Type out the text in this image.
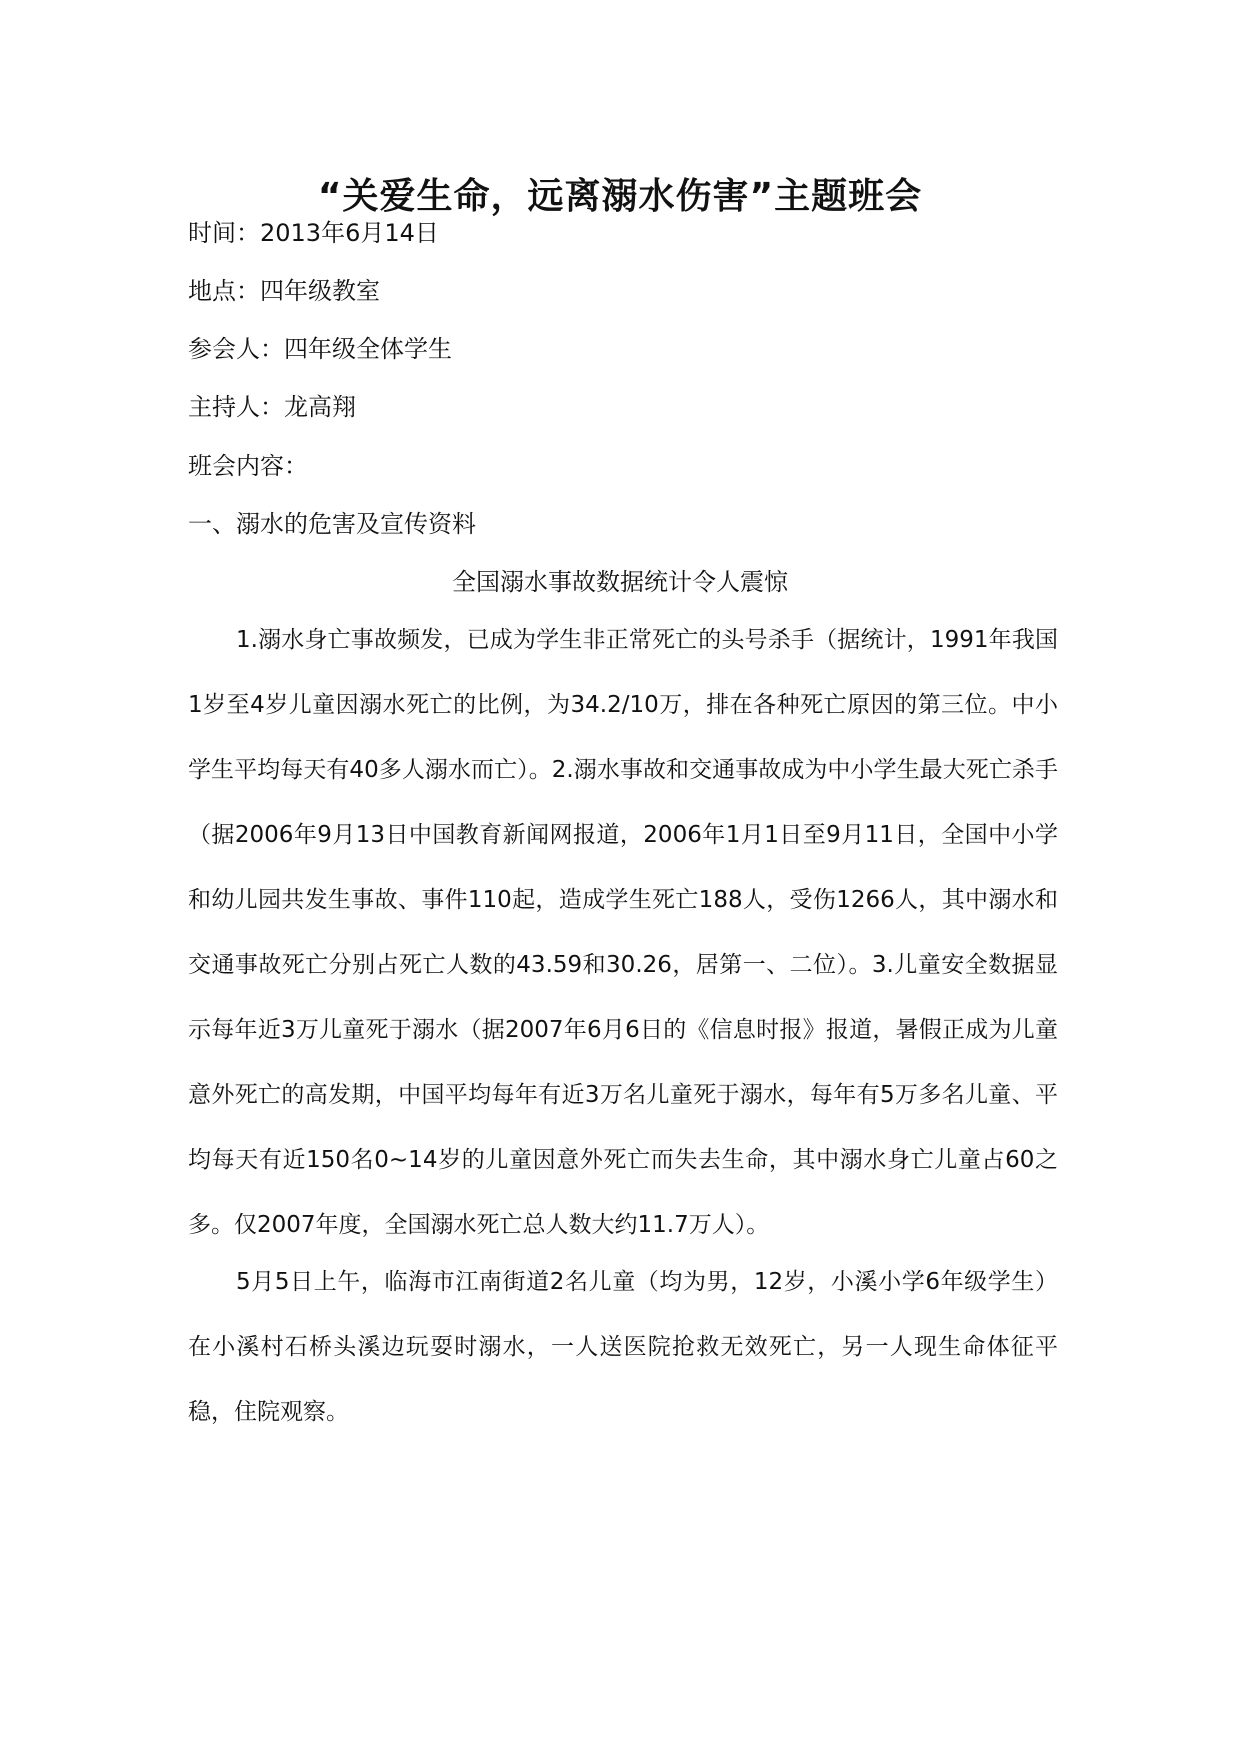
“关爱生命，远离溺水伤害”主题班会
时间：2013年6月14日
地点：四年级教室
参会人：四年级全体学生
主持人：龙高翔
班会内容：
一、溺水的危害及宣传资料
全国溺水事故数据统计令人震惊
1.溺水身亡事故频发，已成为学生非正常死亡的头号杀手（据统计，1991年我国1岁至4岁儿童因溺水死亡的比例，为34.2/10万，排在各种死亡原因的第三位。中小学生平均每天有40多人溺水而亡）。2.溺水事故和交通事故成为中小学生最大死亡杀手（据2006年9月13日中国教育新闻网报道，2006年1月1日至9月11日，全国中小学和幼儿园共发生事故、事件110起，造成学生死亡188人，受伤1266人，其中溺水和交通事故死亡分别占死亡人数的43.59和30.26，居第一、二位）。3.儿童安全数据显示每年近3万儿童死于溺水（据2007年6月6日的《信息时报》报道，暑假正成为儿童意外死亡的高发期，中国平均每年有近3万名儿童死于溺水，每年有5万多名儿童、平均每天有近150名0~14岁的儿童因意外死亡而失去生命，其中溺水身亡儿童占60之多。仅2007年度，全国溺水死亡总人数大约11.7万人）。
5月5日上午，临海市江南街道2名儿童（均为男，12岁，小溪小学6年级学生）在小溪村石桥头溪边玩耍时溺水，一人送医院抢救无效死亡，另一人现生命体征平稳，住院观察。
